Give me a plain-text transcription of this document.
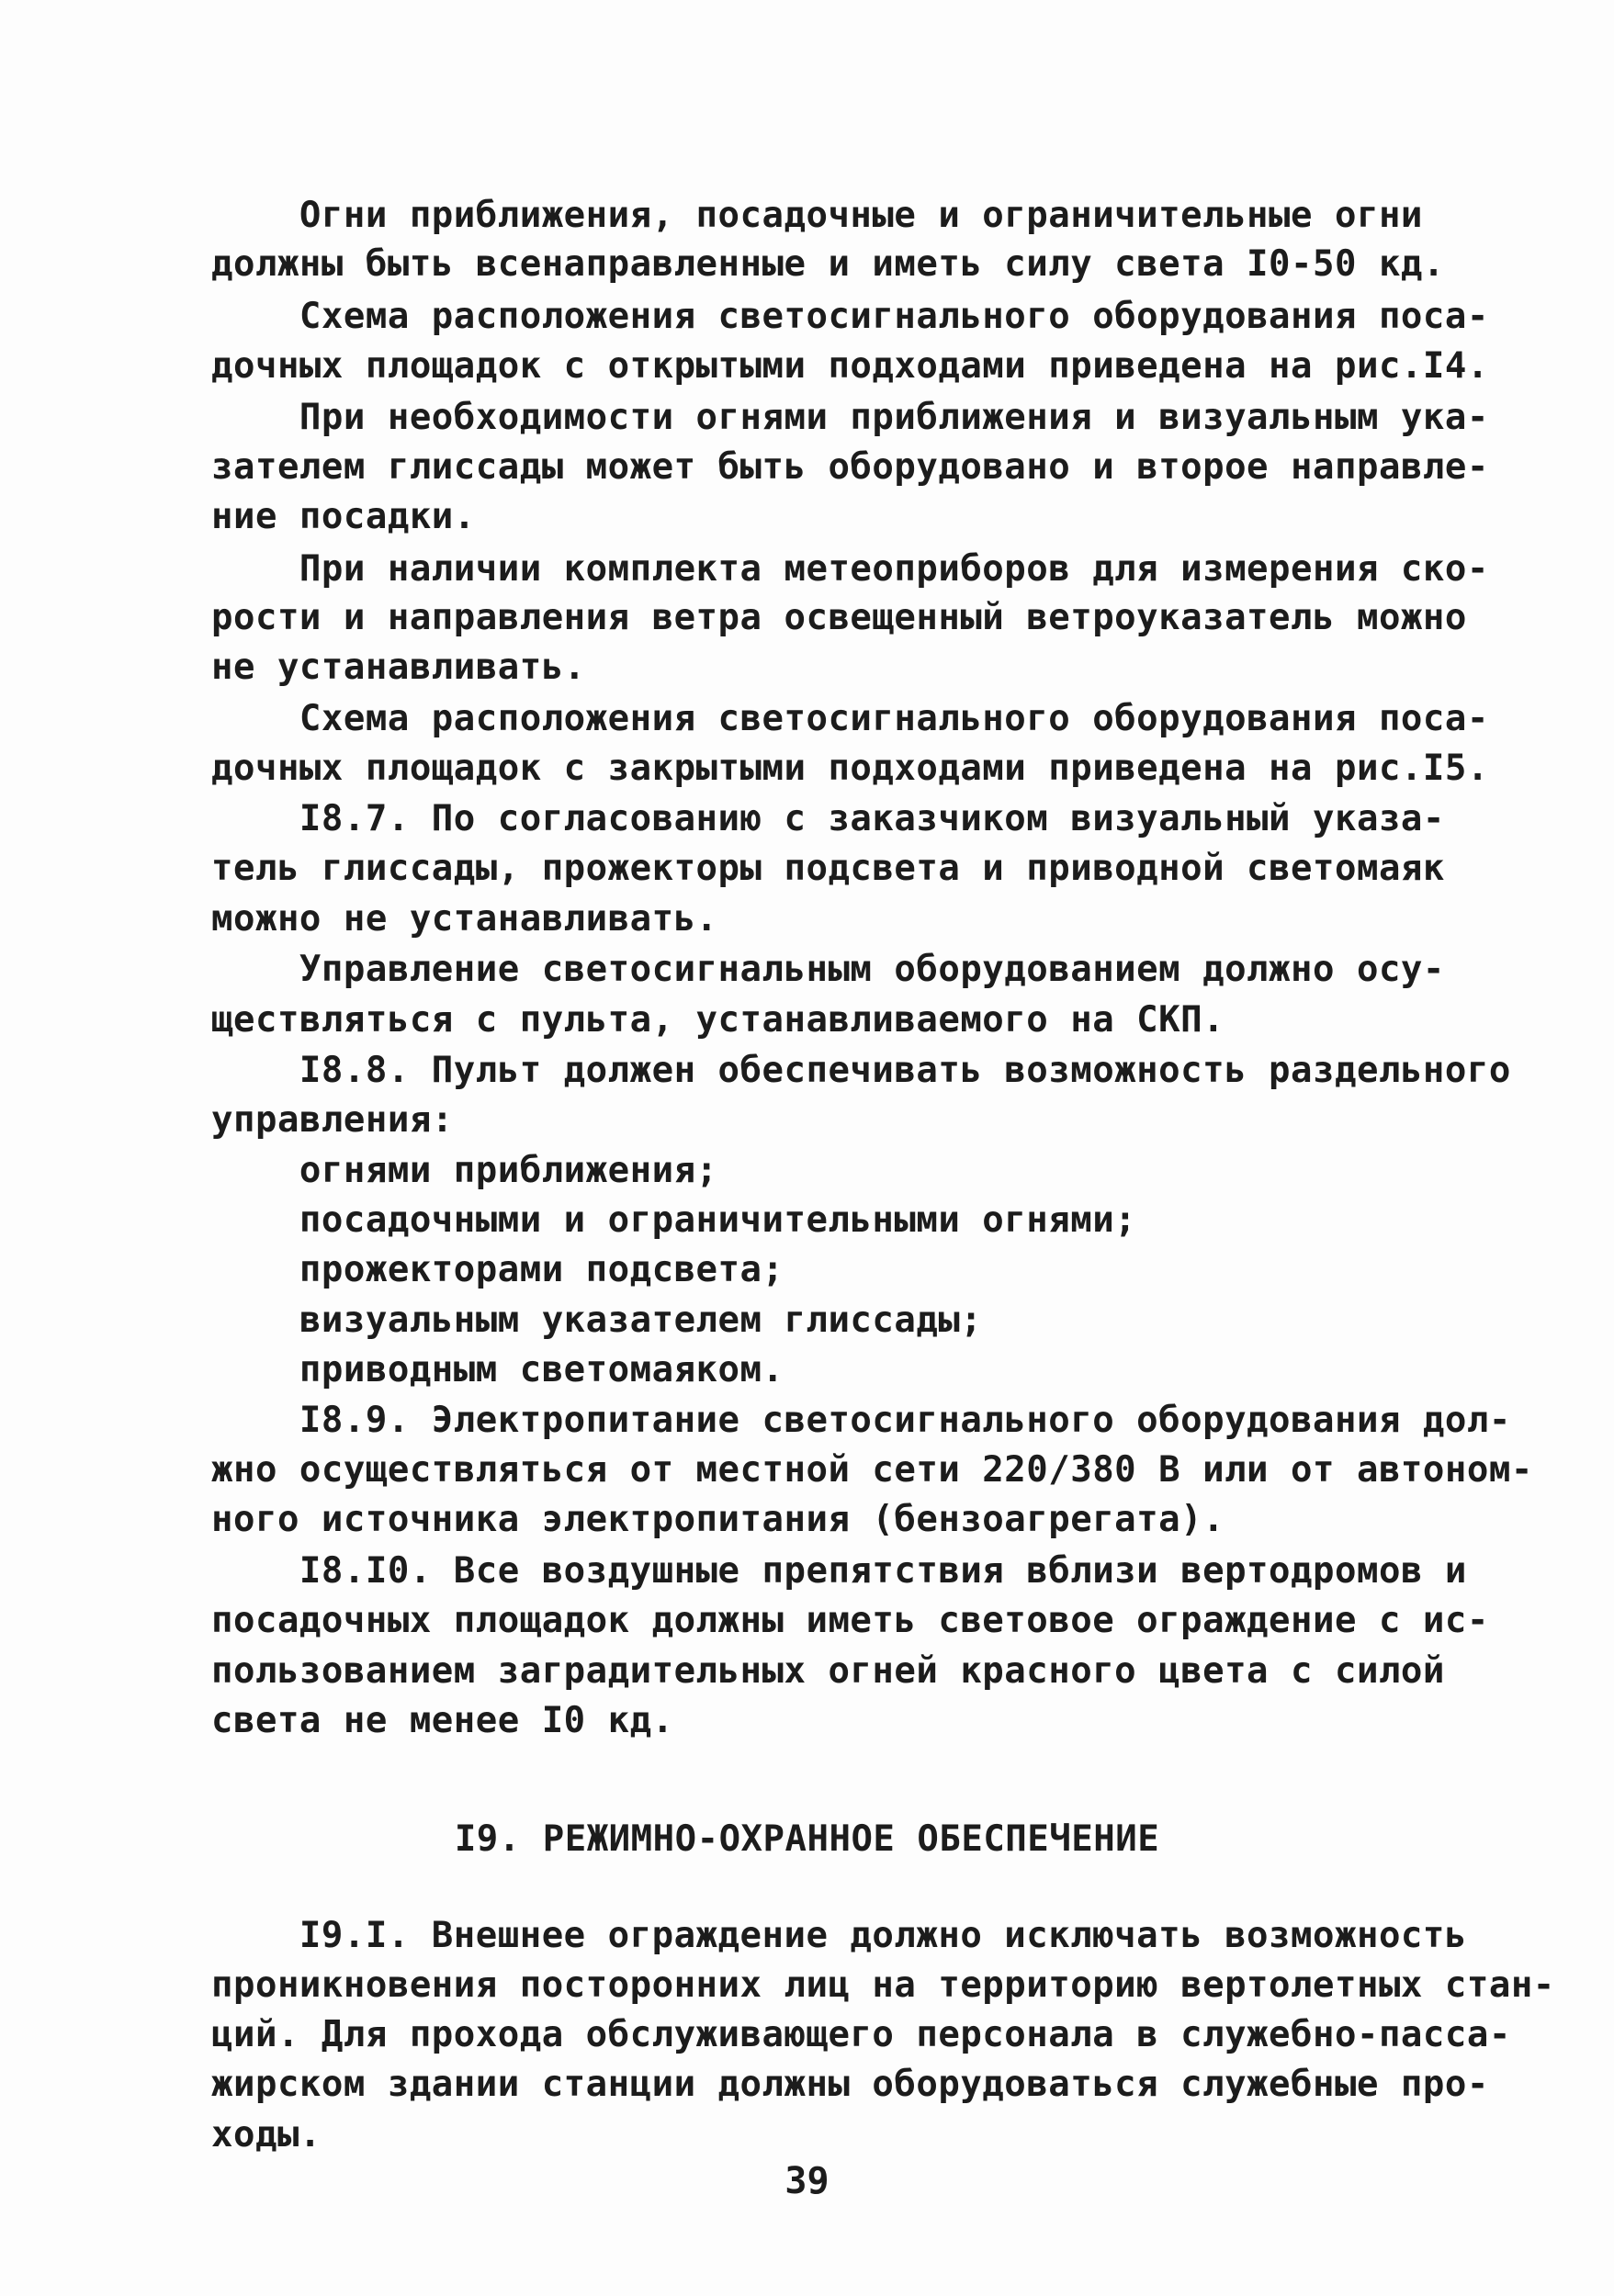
Огни приближения, посадочные и ограничительные огни
должны быть всенаправленные и иметь силу света I0-50 кд.
Схема расположения светосигнального оборудования поса-
дочных площадок с открытыми подходами приведена на рис.I4.
При необходимости огнями приближения и визуальным ука-
зателем глиссады может быть оборудовано и второе направле-
ние посадки.
При наличии комплекта метеоприборов для измерения ско-
рости и направления ветра освещенный ветроуказатель можно
не устанавливать.
Схема расположения светосигнального оборудования поса-
дочных площадок с закрытыми подходами приведена на рис.I5.
I8.7. По согласованию с заказчиком визуальный указа-
тель глиссады, прожекторы подсвета и приводной светомаяк
можно не устанавливать.
Управление светосигнальным оборудованием должно осу-
ществляться с пульта, устанавливаемого на СКП.
I8.8. Пульт должен обеспечивать возможность раздельного
управления:
огнями приближения;
посадочными и ограничительными огнями;
прожекторами подсвета;
визуальным указателем глиссады;
приводным светомаяком.
I8.9. Электропитание светосигнального оборудования дол-
жно осуществляться от местной сети 220/380 В или от автоном-
ного источника электропитания (бензоагрегата).
I8.I0. Все воздушные препятствия вблизи вертодромов и
посадочных площадок должны иметь световое ограждение с ис-
пользованием заградительных огней красного цвета с силой
света не менее I0 кд.
I9. РЕЖИМНО-ОХРАННОЕ ОБЕСПЕЧЕНИЕ
I9.I. Внешнее ограждение должно исключать возможность
проникновения посторонних лиц на территорию вертолетных стан-
ций. Для прохода обслуживающего персонала в служебно-пасса-
жирском здании станции должны оборудоваться служебные про-
ходы.
39
